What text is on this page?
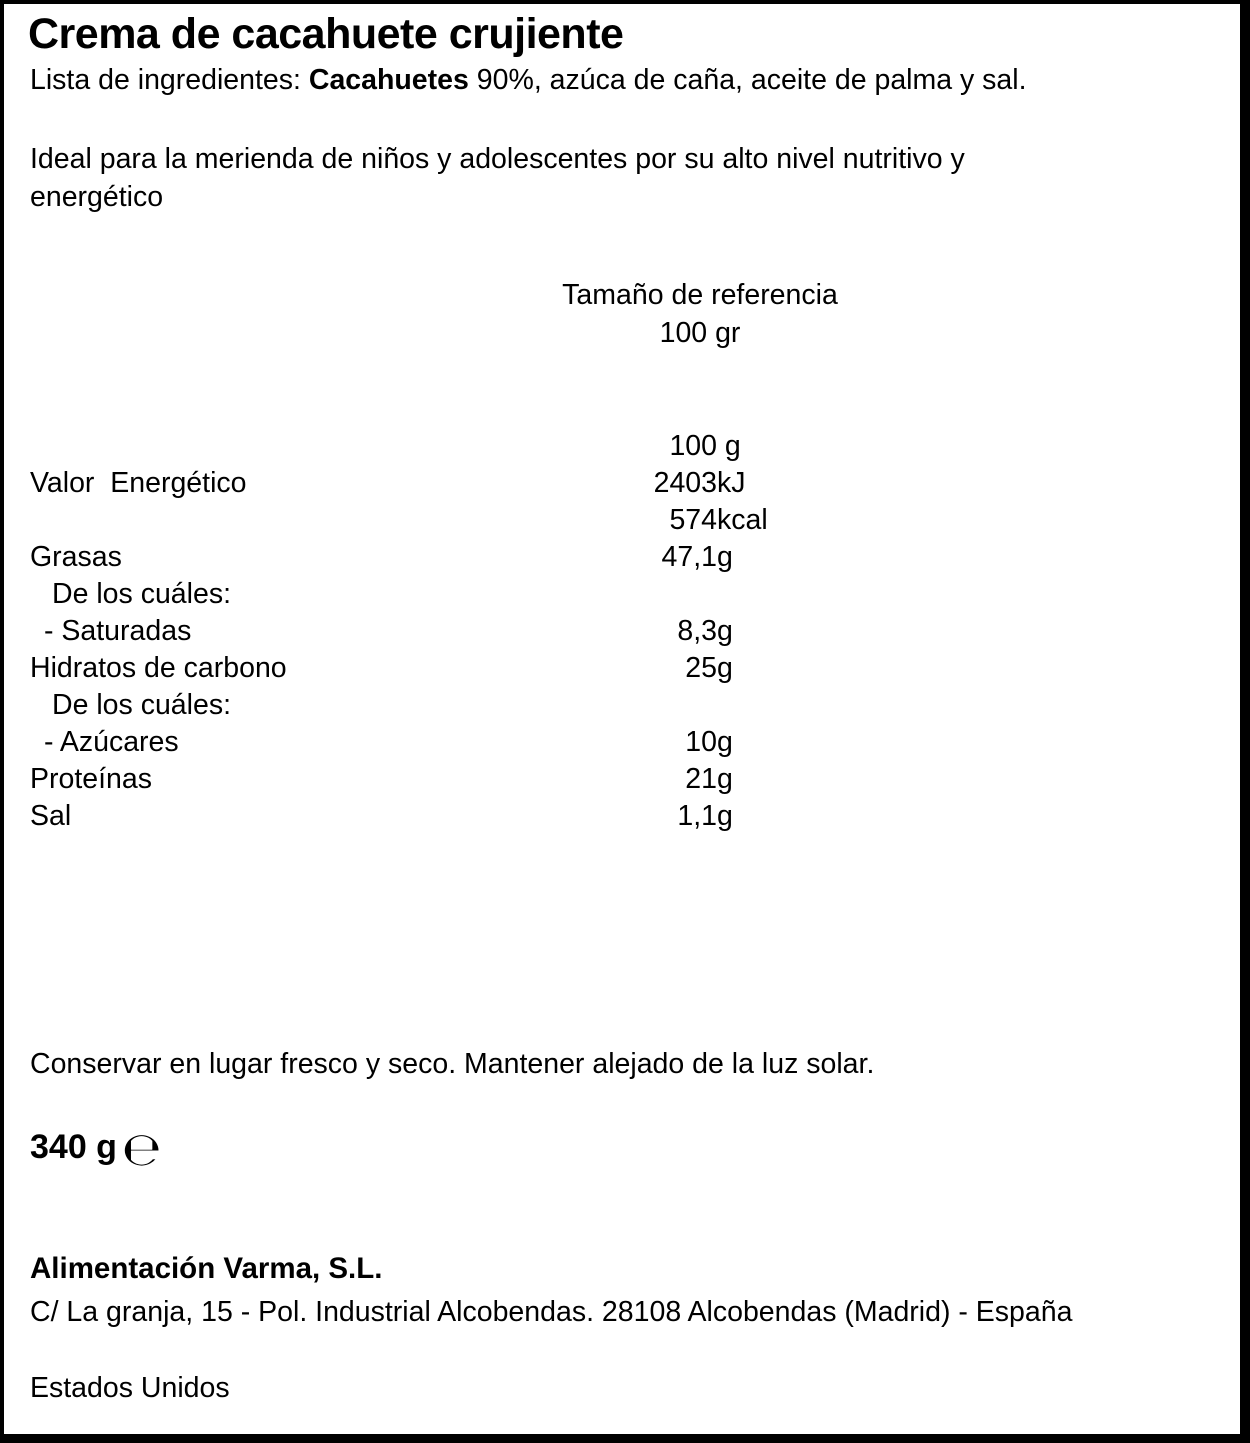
Crema de cacahuete crujiente
Lista de ingredientes: Cacahuetes 90%, azúca de caña, aceite de palma y sal.
Ideal para la merienda de niños y adolescentes por su alto nivel nutritivo y
energético
Tamaño de referencia
100 gr
100 g
Valor  Energético	2403kJ
574kcal
Grasas	47,1g
De los cuáles:
- Saturadas	8,3g
Hidratos de carbono	25g
De los cuáles:
- Azúcares	10g
Proteínas	21g
Sal	1,1g
Conservar en lugar fresco y seco. Mantener alejado de la luz solar.
340 g ℮
Alimentación Varma, S.L.
C/ La granja, 15 - Pol. Industrial Alcobendas. 28108 Alcobendas (Madrid) - España
Estados Unidos
